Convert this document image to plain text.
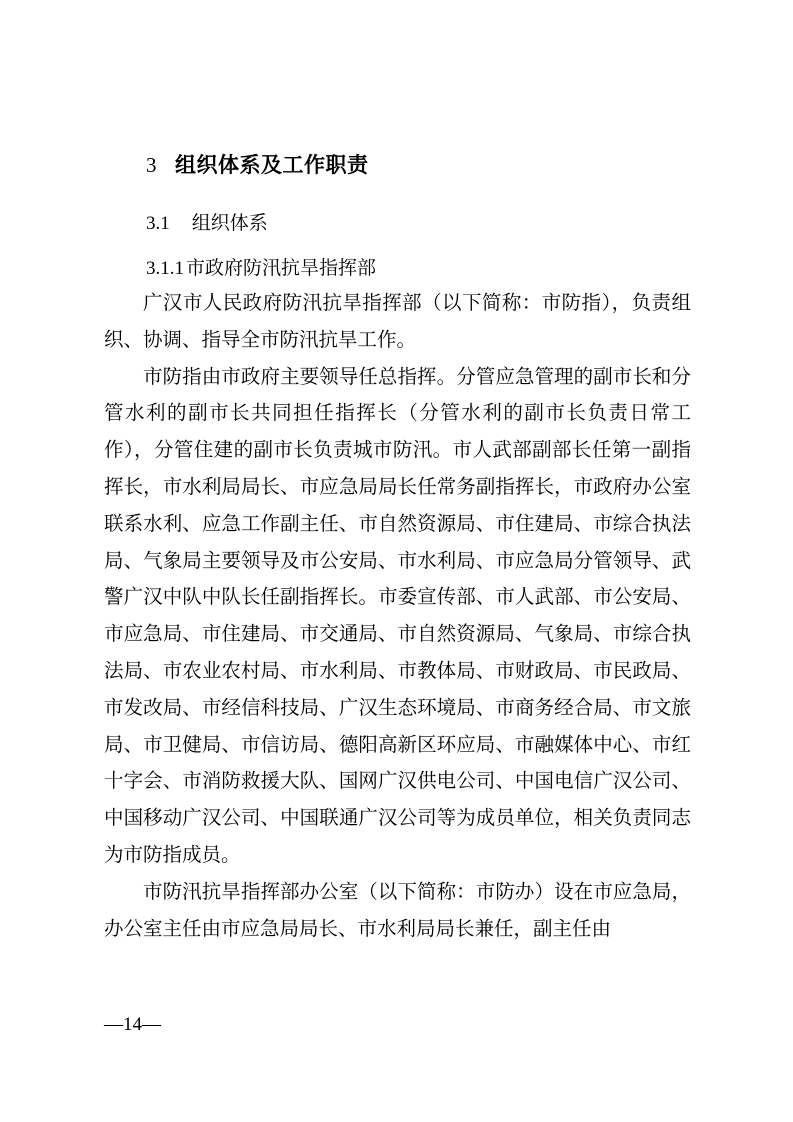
3 组织体系及工作职责
3.1 组织体系
3.1.1 市政府防汛抗旱指挥部

广汉市人民政府防汛抗旱指挥部（以下简称：市防指），负责组织、协调、指导全市防汛抗旱工作。

市防指由市政府主要领导任总指挥。分管应急管理的副市长和分管水利的副市长共同担任指挥长（分管水利的副市长负责日常工作），分管住建的副市长负责城市防汛。市人武部副部长任第一副指挥长，市水利局局长、市应急局局长任常务副指挥长，市政府办公室联系水利、应急工作副主任、市自然资源局、市住建局、市综合执法局、气象局主要领导及市公安局、市水利局、市应急局分管领导、武警广汉中队中队长任副指挥长。市委宣传部、市人武部、市公安局、市应急局、市住建局、市交通局、市自然资源局、气象局、市综合执法局、市农业农村局、市水利局、市教体局、市财政局、市民政局、市发改局、市经信科技局、广汉生态环境局、市商务经合局、市文旅局、市卫健局、市信访局、德阳高新区环应局、市融媒体中心、市红十字会、市消防救援大队、国网广汉供电公司、中国电信广汉公司、中国移动广汉公司、中国联通广汉公司等为成员单位，相关负责同志为市防指成员。

市防汛抗旱指挥部办公室（以下简称：市防办）设在市应急局，办公室主任由市应急局局长、市水利局局长兼任，副主任由

—14—
